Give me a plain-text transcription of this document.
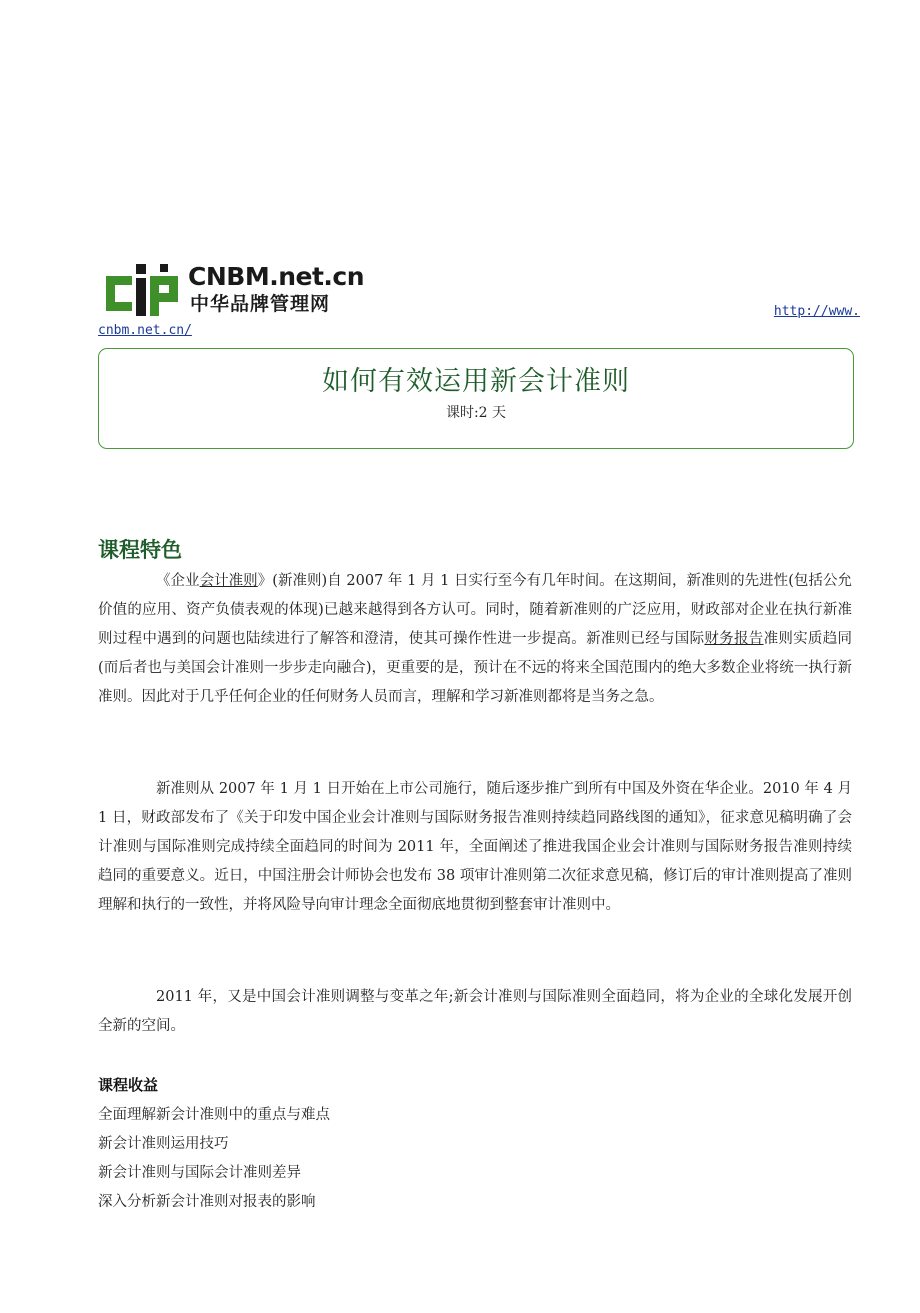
CNBM.net.cn
中华品牌管理网	http://www.
cnbm.net.cn/
如何有效运用新会计准则
课时:2 天
课程特色

《企业会计准则》(新准则)自 2007 年 1 月 1 日实行至今有几年时间。在这期间，新准则的先进性(包括公允价值的应用、资产负债表观的体现)已越来越得到各方认可。同时，随着新准则的广泛应用，财政部对企业在执行新准则过程中遇到的问题也陆续进行了解答和澄清，使其可操作性进一步提高。新准则已经与国际财务报告准则实质趋同(而后者也与美国会计准则一步步走向融合)，更重要的是，预计在不远的将来全国范围内的绝大多数企业将统一执行新准则。因此对于几乎任何企业的任何财务人员而言，理解和学习新准则都将是当务之急。

新准则从 2007 年 1 月 1 日开始在上市公司施行，随后逐步推广到所有中国及外资在华企业。2010 年 4 月 1 日，财政部发布了《关于印发中国企业会计准则与国际财务报告准则持续趋同路线图的通知》，征求意见稿明确了会计准则与国际准则完成持续全面趋同的时间为 2011 年，全面阐述了推进我国企业会计准则与国际财务报告准则持续趋同的重要意义。近日，中国注册会计师协会也发布 38 项审计准则第二次征求意见稿，修订后的审计准则提高了准则理解和执行的一致性，并将风险导向审计理念全面彻底地贯彻到整套审计准则中。

2011 年，又是中国会计准则调整与变革之年;新会计准则与国际准则全面趋同，将为企业的全球化发展开创全新的空间。

课程收益
全面理解新会计准则中的重点与难点
新会计准则运用技巧
新会计准则与国际会计准则差异
深入分析新会计准则对报表的影响
